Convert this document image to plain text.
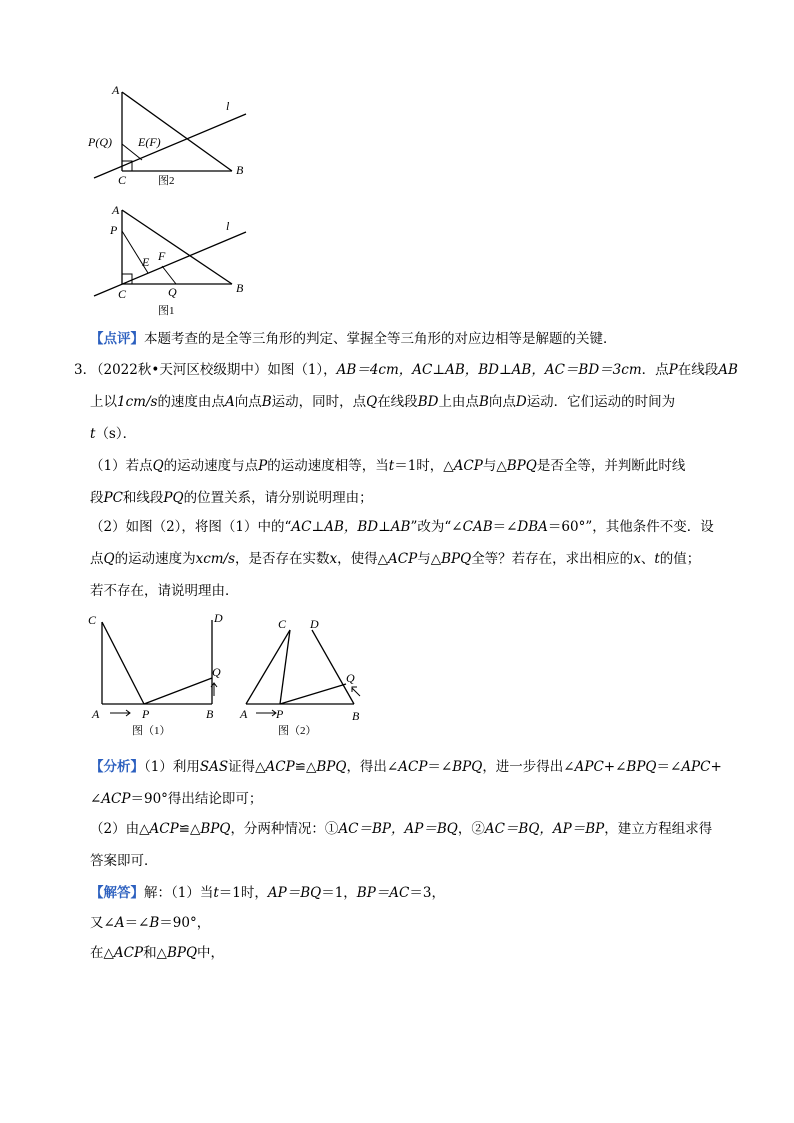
A
B
C
l
P(Q) E(F)
图2
A
B
C
l
P
E F
Q
图1
【点评】本题考查的是全等三角形的判定、掌握全等三角形的对应边相等是解题的关键．
3．
（2022秋•天河区校级期中）如图（1），AB＝4cm，AC⊥AB，BD⊥AB，AC＝BD＝3cm．点P在线段AB
上以1cm/s的速度由点A向点B运动，同时，点Q在线段BD上由点B向点D运动．它们运动的时间为
t（s）．
（1）若点Q的运动速度与点P的运动速度相等，当t＝1时，△ACP与△BPQ是否全等，并判断此时线
段PC和线段PQ的位置关系，请分别说明理由；
（2）如图（2），将图（1）中的“AC⊥AB，BD⊥AB”改为“∠CAB＝∠DBA＝60°”，其他条件不变．设
点Q的运动速度为xcm/s，是否存在实数x，使得△ACP与△BPQ全等？若存在，求出相应的x、t的值；
若不存在，请说明理由．
C	D
Q
A	P	B
图（1）
C D
Q
A P	B
图（2）
【分析】（1）利用SAS证得△ACP≌△BPQ，得出∠ACP＝∠BPQ，进一步得出∠APC+∠BPQ＝∠APC+
∠ACP＝90°得出结论即可；
（2）由△ACP≌△BPQ，分两种情况：①AC＝BP，AP＝BQ，②AC＝BQ，AP＝BP，建立方程组求得
答案即可．
【解答】解：（1）当t＝1时，AP＝BQ＝1，BP＝AC＝3，
又∠A＝∠B＝90°，
在△ACP和△BPQ中，
